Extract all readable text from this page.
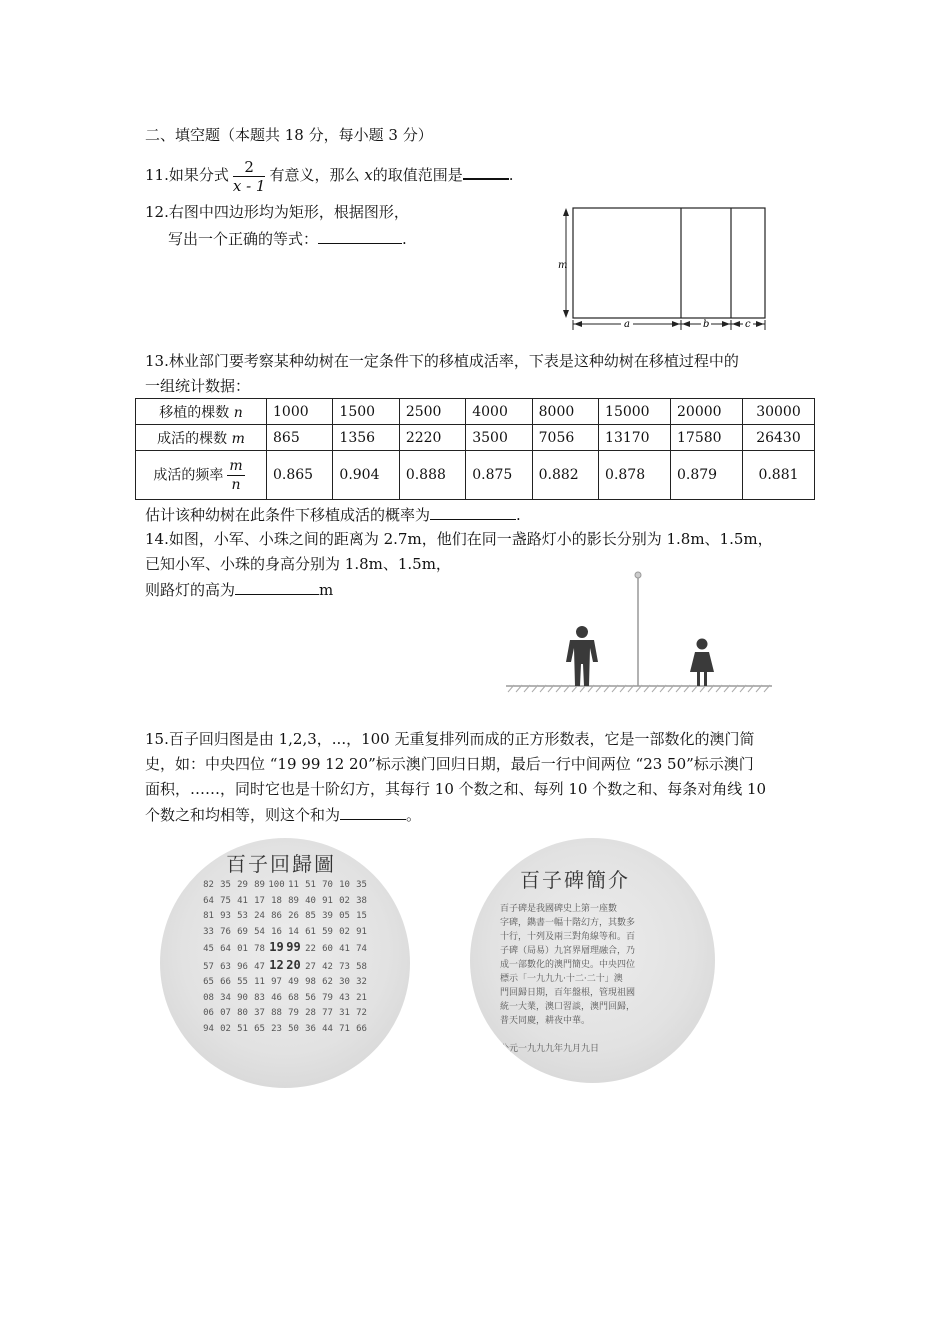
二、填空题（本题共 18 分，每小题 3 分）
11.如果分式 $\frac{2}{x - 1}$ 有意义，那么 x的取值范围是	.
12.右图中四边形均为矩形，根据图形，
写出一个正确的等式：	.
m
a	b	c
13.林业部门要考察某种幼树在一定条件下的移植成活率，下表是这种幼树在移植过程中的
一组统计数据：
移植的棵数 n	1000	1500	2500	4000	8000	15000	20000	30000
成活的棵数 m	865	1356	2220	3500	7056	13170	17580	26430
成活的频率 $\frac{m}{n}$	0.865	0.904	0.888	0.875	0.882	0.878	0.879	0.881
估计该种幼树在此条件下移植成活的概率为	.
14.如图，小军、小珠之间的距离为 2.7m，他们在同一盏路灯小的影长分别为 1.8m、1.5m，
已知小军、小珠的身高分别为 1.8m、1.5m，
则路灯的高为	m
15.百子回归图是由 1,2,3，...，100 无重复排列而成的正方形数表，它是一部数化的澳门简
史，如：中央四位 “19 99 12 20”标示澳门回归日期，最后一行中间两位 “23 50”标示澳门
面积，……，同时它也是十阶幻方，其每行 10 个数之和、每列 10 个数之和、每条对角线 10
个数之和均相等，则这个和为	。
百子回歸圖
82 35 29 89 100 11 51 70 10 35
64 75 41 17 18 89 40 91 02 38
81 93 53 24 86 26 85 39 05 15
33 76 69 54 16 14 61 59 02 91
45 64 01 78 19 99 22 60 41 74
57 63 96 47 12 20 27 42 73 58
65 66 55 11 97 49 98 62 30 32
08 34 90 83 46 68 56 79 43 21
06 07 80 37 88 79 28 77 31 72
94 02 51 65 23 50 36 44 71 66
百子碑簡介
百子碑是我國碑史上第一座數
字碑，鐫書一幅十階幻方，其數多
十行，十列及兩三對角線等和。百
子碑（局易）九宮界層理融合，乃
成一部數化的澳門簡史。中央四位
標示「一九九九·十二·二十」澳
門回歸日期，百年盤根，管現祖國
統一大業，澳口習談，澳門回歸，
普天同慶，耕夜中華。

公元一九九九年九月九日
